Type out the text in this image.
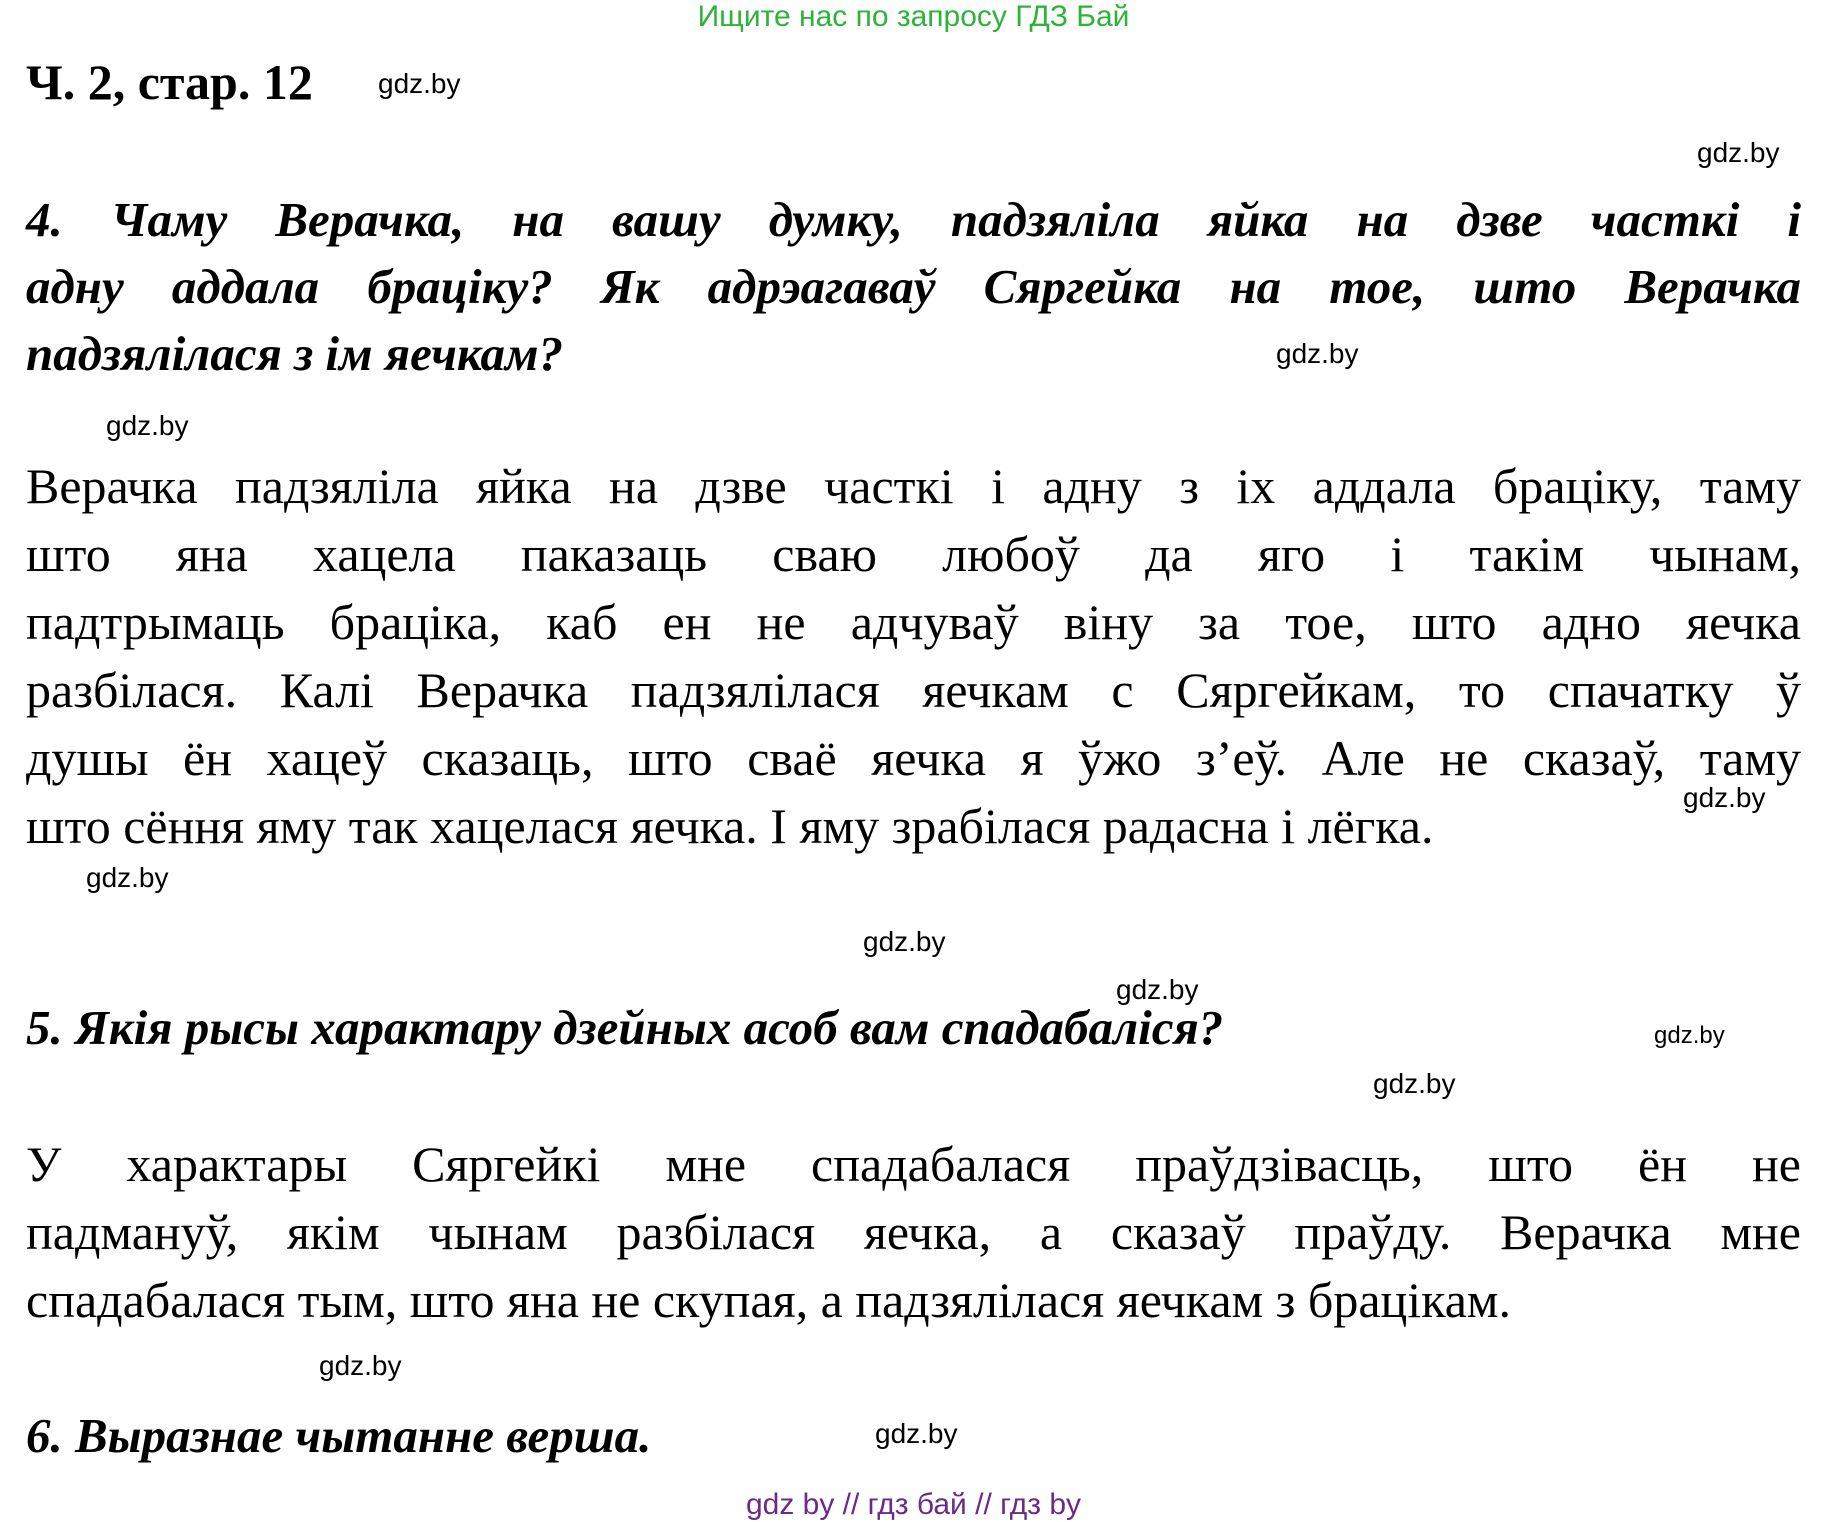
Ищите нас по запросу ГДЗ Бай
Ч. 2, стар. 12 gdz.by
gdz.by
gdz.by
gdz.by
gdz.by
gdz.by
gdz.by
gdz.by
gdz.by
gdz.by
gdz.by
gdz.by
4. Чаму Верачка, на вашу думку, падзяліла яйка на дзве часткі і
адну аддала брацiку? Як адрэагаваў Сяргейка на тое, што Верачка
падзялілася з ім яечкам?
Верачка падзяліла яйка на дзве часткі і адну з іх аддала брацiку, таму
што яна хацела паказаць сваю любоў да яго і такім чынам,
падтрымаць брацiка, каб ен не адчуваў віну за тое, што адно яечка
разбiлася. Калі Верачка падзялілася яечкам с Сяргейкам, то спачатку ў
душы ён хацеў сказаць, што сваё яечка я ўжо з’еў. Але не сказаў, таму
што сёння яму так хацелася яечка. І яму зрабілася радасна і лёгка.
5. Якія рысы характару дзейных асоб вам спадабаліся?
У характары Сяргейкі мне спадабалася праўдзівасць, што ён не
падмануў, якім чынам разбілася яечка, а сказаў праўду. Верачка мне
спадабалася тым, што яна не скупая, а падзялілася яечкам з брацікам.
6. Выразнае чытанне верша.
gdz by // гдз бай // гдз by
